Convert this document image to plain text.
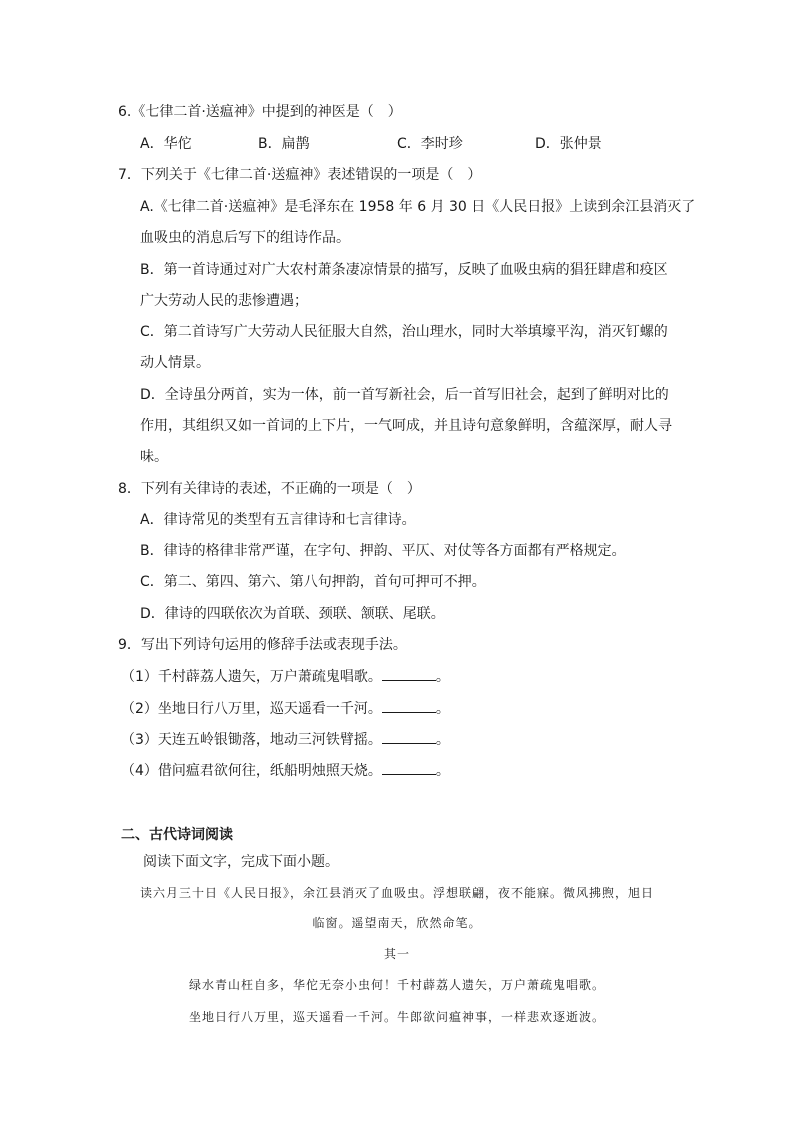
6.《七律二首·送瘟神》中提到的神医是（　）
A．华佗	B．扁鹊	C．李时珍	D．张仲景
7．下列关于《七律二首·送瘟神》表述错误的一项是（　）
A.《七律二首·送瘟神》是毛泽东在 1958 年 6 月 30 日《人民日报》上读到余江县消灭了
血吸虫的消息后写下的组诗作品。
B．第一首诗通过对广大农村萧条凄凉情景的描写，反映了血吸虫病的猖狂肆虐和疫区
广大劳动人民的悲惨遭遇；
C．第二首诗写广大劳动人民征服大自然，治山理水，同时大举填壕平沟，消灭钉螺的
动人情景。
D．全诗虽分两首，实为一体，前一首写新社会，后一首写旧社会，起到了鲜明对比的
作用，其组织又如一首词的上下片，一气呵成，并且诗句意象鲜明，含蕴深厚，耐人寻
味。
8．下列有关律诗的表述，不正确的一项是（　）
A．律诗常见的类型有五言律诗和七言律诗。
B．律诗的格律非常严谨，在字句、押韵、平仄、对仗等各方面都有严格规定。
C．第二、第四、第六、第八句押韵，首句可押可不押。
D．律诗的四联依次为首联、颈联、颔联、尾联。
9．写出下列诗句运用的修辞手法或表现手法。
（1）千村薜荔人遗矢，万户萧疏鬼唱歌。	。
（2）坐地日行八万里，巡天遥看一千河。	。
（3）天连五岭银锄落，地动三河铁臂摇。	。
（4）借问瘟君欲何往，纸船明烛照天烧。	。
二、古代诗词阅读
阅读下面文字，完成下面小题。
读六月三十日《人民日报》，余江县消灭了血吸虫。浮想联翩，夜不能寐。微风拂煦，旭日
临窗。遥望南天，欣然命笔。
其一
绿水青山枉自多，华佗无奈小虫何！千村薜荔人遗矢，万户萧疏鬼唱歌。
坐地日行八万里，巡天遥看一千河。牛郎欲问瘟神事，一样悲欢逐逝波。
